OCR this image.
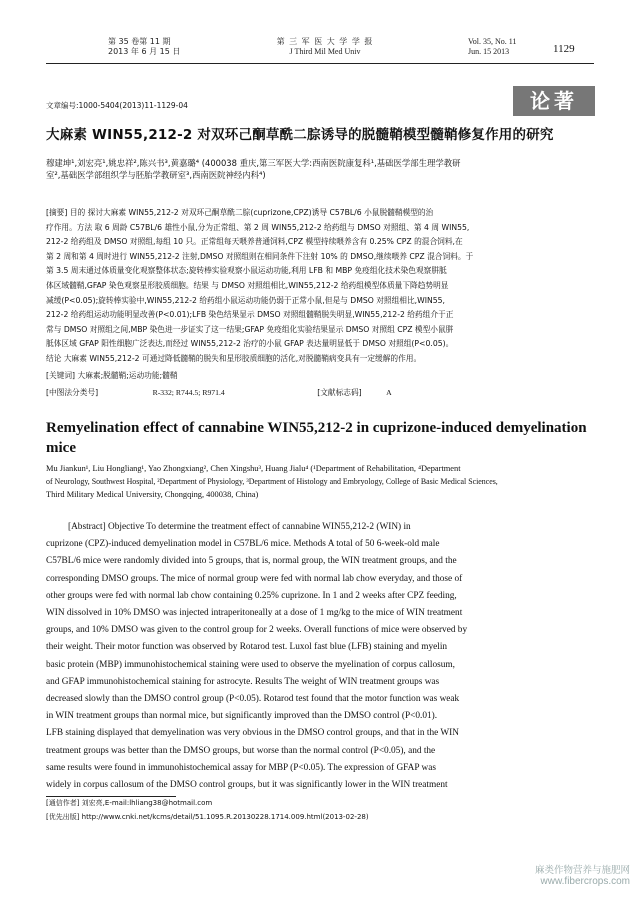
第 35 卷第 11 期
2013 年 6 月 15 日
第 三 军 医 大 学 学 报
J Third Mil Med Univ
Vol. 35, No. 11
Jun. 15 2013	1129
文章编号:1000-5404(2013)11-1129-04	论著
大麻素 WIN55,212-2 对双环己酮草酰二腙诱导的脱髓鞘模型髓鞘修复作用的研究
穆建坤¹,刘宏亮¹,姚忠祥²,陈兴书³,黄嘉璐⁴ (400038 重庆,第三军医大学:西南医院康复科¹,基础医学部生理学教研
室²,基础医学部组织学与胚胎学教研室³,西南医院神经内科⁴)
[摘要] 目的 探讨大麻素 WIN55,212-2 对双环己酮草酰二腙(cuprizone,CPZ)诱导 C57BL/6 小鼠脱髓鞘模型的治
疗作用。方法 取 6 周龄 C57BL/6 雄性小鼠,分为正常组、第 2 周 WIN55,212-2 给药组与 DMSO 对照组、第 4 周 WIN55,
212-2 给药组及 DMSO 对照组,每组 10 只。正常组每天喂养普通饲料,CPZ 模型持续喂养含有 0.25% CPZ 的混合饲料,在
第 2 周和第 4 周时进行 WIN55,212-2 注射,DMSO 对照组则在相同条件下注射 10% 的 DMSO,继续喂养 CPZ 混合饲料。于
第 3.5 周末通过体质量变化观察整体状态;旋转棒实验观察小鼠运动功能,利用 LFB 和 MBP 免疫组化技术染色观察胼胝
体区域髓鞘,GFAP 染色观察星形胶质细胞。结果 与 DMSO 对照组相比,WIN55,212-2 给药组模型体质量下降趋势明显
减缓(P<0.05);旋转棒实验中,WIN55,212-2 给药组小鼠运动功能仍弱于正常小鼠,但是与 DMSO 对照组相比,WIN55,
212-2 给药组运动功能明显改善(P<0.01);LFB 染色结果显示 DMSO 对照组髓鞘脱失明显,WIN55,212-2 给药组介于正
常与 DMSO 对照组之间,MBP 染色进一步证实了这一结果;GFAP 免疫组化实验结果显示 DMSO 对照组 CPZ 模型小鼠胼
胝体区域 GFAP 阳性细胞广泛表达,而经过 WIN55,212-2 治疗的小鼠 GFAP 表达量明显低于 DMSO 对照组(P<0.05)。
结论 大麻素 WIN55,212-2 可通过降低髓鞘的脱失和星形胶质细胞的活化,对脱髓鞘病变具有一定缓解的作用。
[关键词] 大麻素;脱髓鞘;运动功能;髓鞘
[中图法分类号]	R-332; R744.5; R971.4	[文献标志码]	A
Remyelination effect of cannabine WIN55,212-2 in cuprizone-induced demyelination
mice
Mu Jiankun¹, Liu Hongliang¹, Yao Zhongxiang², Chen Xingshu³, Huang Jialu⁴ (¹Department of Rehabilitation, ⁴Department
of Neurology, Southwest Hospital, ²Department of Physiology, ³Department of Histology and Embryology, College of Basic Medical Sciences,
Third Military Medical University, Chongqing, 400038, China)
[Abstract] Objective To determine the treatment effect of cannabine WIN55,212-2 (WIN) in
cuprizone (CPZ)-induced demyelination model in C57BL/6 mice. Methods A total of 50 6-week-old male
C57BL/6 mice were randomly divided into 5 groups, that is, normal group, the WIN treatment groups, and the
corresponding DMSO groups. The mice of normal group were fed with normal lab chow everyday, and those of
other groups were fed with normal lab chow containing 0.25% cuprizone. In 1 and 2 weeks after CPZ feeding,
WIN dissolved in 10% DMSO was injected intraperitoneally at a dose of 1 mg/kg to the mice of WIN treatment
groups, and 10% DMSO was given to the control group for 2 weeks. Overall functions of mice were observed by
their weight. Their motor function was observed by Rotarod test. Luxol fast blue (LFB) staining and myelin
basic protein (MBP) immunohistochemical staining were used to observe the myelination of corpus callosum,
and GFAP immunohistochemical staining for astrocyte. Results The weight of WIN treatment groups was
decreased slowly than the DMSO control group (P<0.05). Rotarod test found that the motor function was weak
in WIN treatment groups than normal mice, but significantly improved than the DMSO control (P<0.01).
LFB staining displayed that demyelination was very obvious in the DMSO control groups, and that in the WIN
treatment groups was better than the DMSO groups, but worse than the normal control (P<0.05), and the
same results were found in immunohistochemical assay for MBP (P<0.05). The expression of GFAP was
widely in corpus callosum of the DMSO control groups, but it was significantly lower in the WIN treatment
[通信作者] 刘宏亮,E-mail:lhliang38@hotmail.com
[优先出版] http://www.cnki.net/kcms/detail/51.1095.R.20130228.1714.009.html(2013-02-28)
麻类作物营养与施肥网
www.fibercrops.com
